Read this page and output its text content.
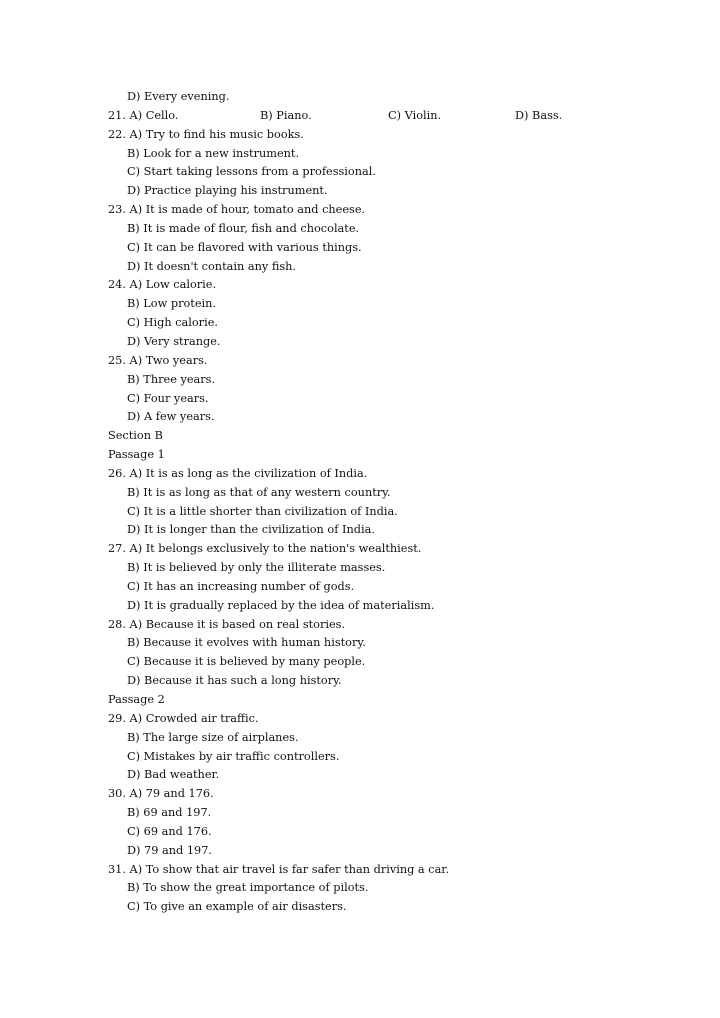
D) Every evening.
21. A) Cello.	B) Piano.	C) Violin.	D) Bass.
22. A) Try to find his music books.
B) Look for a new instrument.
C) Start taking lessons from a professional.
D) Practice playing his instrument.
23. A) It is made of hour, tomato and cheese.
B) It is made of flour, fish and chocolate.
C) It can be flavored with various things.
D) It doesn't contain any fish.
24. A) Low calorie.
B) Low protein.
C) High calorie.
D) Very strange.
25. A) Two years.
B) Three years.
C) Four years.
D) A few years.
Section B
Passage 1
26. A) It is as long as the civilization of India.
B) It is as long as that of any western country.
C) It is a little shorter than civilization of India.
D) It is longer than the civilization of India.
27. A) It belongs exclusively to the nation's wealthiest.
B) It is believed by only the illiterate masses.
C) It has an increasing number of gods.
D) It is gradually replaced by the idea of materialism.
28. A) Because it is based on real stories.
B) Because it evolves with human history.
C) Because it is believed by many people.
D) Because it has such a long history.
Passage 2
29. A) Crowded air traffic.
B) The large size of airplanes.
C) Mistakes by air traffic controllers.
D) Bad weather.
30. A) 79 and 176.
B) 69 and 197.
C) 69 and 176.
D) 79 and 197.
31. A) To show that air travel is far safer than driving a car.
B) To show the great importance of pilots.
C) To give an example of air disasters.
